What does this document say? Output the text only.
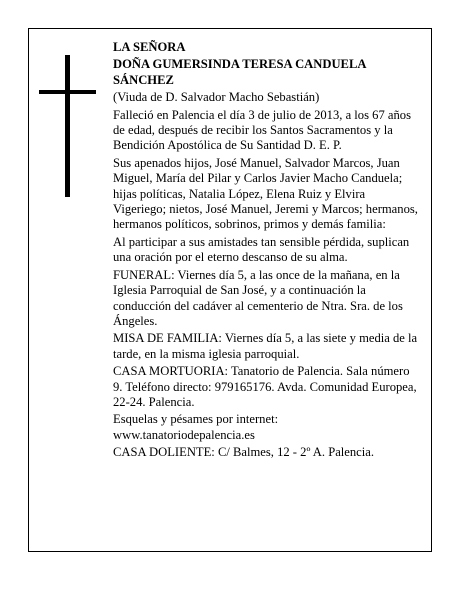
LA SEÑORA

DOÑA GUMERSINDA TERESA CANDUELA SÁNCHEZ

(Viuda de D. Salvador Macho Sebastián)

Falleció en Palencia el día 3 de julio de 2013, a los 67 años de edad, después de recibir los Santos Sacramentos y la Bendición Apostólica de Su Santidad D. E. P.

Sus apenados hijos, José Manuel, Salvador Marcos, Juan Miguel, María del Pilar y Carlos Javier Macho Canduela; hijas políticas, Natalia López, Elena Ruiz y Elvira Vigeriego; nietos, José Manuel, Jeremi y Marcos; hermanos, hermanos políticos, sobrinos, primos y demás familia:

Al participar a sus amistades tan sensible pérdida, suplican una oración por el eterno descanso de su alma.

FUNERAL: Viernes día 5, a las once de la mañana, en la Iglesia Parroquial de San José, y a continuación la conducción del cadáver al cementerio de Ntra. Sra. de los Ángeles.

MISA DE FAMILIA: Viernes día 5, a las siete y media de la tarde, en la misma iglesia parroquial.

CASA MORTUORIA: Tanatorio de Palencia. Sala número 9. Teléfono directo: 979165176. Avda. Comunidad Europea, 22-24. Palencia.

Esquelas y pésames por internet: www.tanatoriodepalencia.es

CASA DOLIENTE: C/ Balmes, 12 - 2º A. Palencia.
